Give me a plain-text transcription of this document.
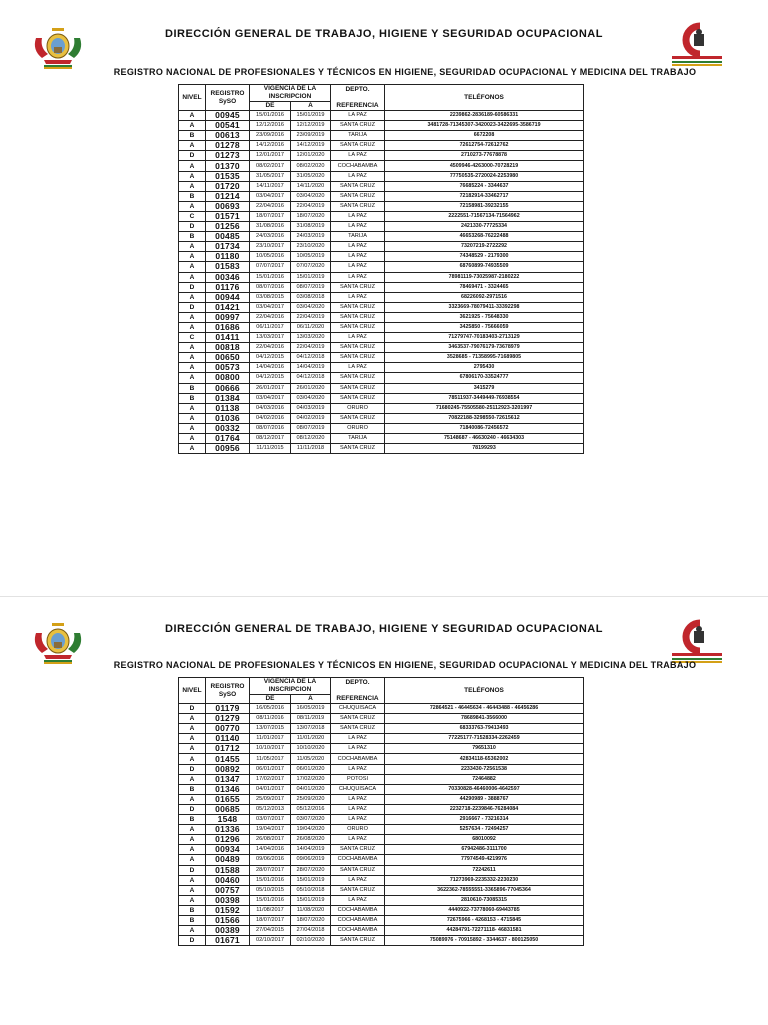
DIRECCIÓN GENERAL DE TRABAJO, HIGIENE Y SEGURIDAD OCUPACIONAL
REGISTRO NACIONAL DE PROFESIONALES Y TÉCNICOS EN HIGIENE, SEGURIDAD OCUPACIONAL Y MEDICINA DEL TRABAJO
NIVEL	REGISTRO
SySO	VIGENCIA DE LA INSCRIPCION		DEPTO.

REFERENCIA	TELÉFONOS
		DE	A		
A	00945	15/01/2016	15/01/2019	LA PAZ	2239862-2836189-60586331
A	00541	12/12/2016	12/12/2019	SANTA CRUZ	3481728-71345307-3420023-3422695-3586719
B	00613	23/09/2016	23/09/2019	TARIJA	6672208
A	01278	14/12/2016	14/12/2019	SANTA CRUZ	72612754-72612762
D	01273	12/01/2017	12/01/2020	LA PAZ	2710273-77678878
A	01370	08/02/2017	08/02/2020	COCHABAMBA	4509946-4263000-70728219
A	01535	31/05/2017	31/05/2020	LA PAZ	77750535-2720024-2253980
A	01720	14/11/2017	14/11/2020	SANTA CRUZ	76685224 - 3344637
B	01214	03/04/2017	03/04/2020	SANTA CRUZ	72182914-33462717
A	00693	22/04/2016	22/04/2019	SANTA CRUZ	72158981-39232155
C	01571	18/07/2017	18/07/2020	LA PAZ	2222551-71567134-71564962
D	01256	31/08/2016	31/08/2019	LA PAZ	2421330-77725334
B	00485	24/03/2016	24/03/2019	TARIJA	46653268-76222488
A	01734	23/10/2017	23/10/2020	LA PAZ	73207219-2722292
A	01180	10/05/2016	10/05/2019	LA PAZ	74348529 - 2179300
A	01583	07/07/2017	07/07/2020	LA PAZ	68760899-74935509
A	00346	15/01/2016	15/01/2019	LA PAZ	78981119-73025987-2180222
D	01176	08/07/2016	08/07/2019	SANTA CRUZ	78469471 - 3324465
A	00944	03/08/2015	03/08/2018	LA PAZ	68226092-2971516
D	01421	03/04/2017	03/04/2020	SANTA CRUZ	3323669-78079411-33392298
A	00997	22/04/2016	22/04/2019	SANTA CRUZ	3621925 - 75648330
A	01686	06/11/2017	06/11/2020	SANTA CRUZ	3425850 - 75666059
C	01411	13/03/2017	13/03/2020	LA PAZ	71279747-70183403-2713129
A	00818	22/04/2016	22/04/2019	SANTA CRUZ	3463537-79076179-73678979
A	00650	04/12/2015	04/12/2018	SANTA CRUZ	3528685 - 71358995-71689805
A	00573	14/04/2016	14/04/2019	LA PAZ	2795430
A	00800	04/12/2015	04/12/2018	SANTA CRUZ	67806170-33524777
B	00666	26/01/2017	26/01/2020	SANTA CRUZ	3415279
B	01384	03/04/2017	03/04/2020	SANTA CRUZ	78511937-3449449-76938554
A	01138	04/03/2016	04/03/2019	ORURO	71680245-75505580-25112923-3201997
A	01036	04/02/2016	04/02/2019	SANTA CRUZ	70822188-3298550-72615612
A	00332	08/07/2016	08/07/2019	ORURO	71840086-72456572
A	01764	08/12/2017	08/12/2020	TARIJA	75148687 - 46630240 - 46634303
A	00956	11/11/2015	11/11/2018	SANTA CRUZ	78199293
DIRECCIÓN GENERAL DE TRABAJO, HIGIENE Y SEGURIDAD OCUPACIONAL
REGISTRO NACIONAL DE PROFESIONALES Y TÉCNICOS EN HIGIENE, SEGURIDAD OCUPACIONAL Y MEDICINA DEL TRABAJO
NIVEL	REGISTRO
SySO	VIGENCIA DE LA INSCRIPCION		DEPTO.

REFERENCIA	TELÉFONOS
		DE	A		
D	01179	16/05/2016	16/05/2019	CHUQUISACA	72864521 - 46445634 - 46443488 - 46456286
A	01279	08/11/2016	08/11/2019	SANTA CRUZ	78689841-3566000
A	00770	13/07/2015	13/07/2018	SANTA CRUZ	68333763-79413493
A	01140	11/01/2017	11/01/2020	LA PAZ	77225177-71528334-2262459
A	01712	10/10/2017	10/10/2020	LA PAZ	79651310
A	01455	11/05/2017	11/05/2020	COCHABAMBA	42834118-65362002
D	00892	06/01/2017	06/01/2020	LA PAZ	2233430-72561538
A	01347	17/02/2017	17/02/2020	POTOSI	72464882
B	01346	04/01/2017	04/01/2020	CHUQUISACA	70330828-46460006-4642597
A	01655	25/09/2017	25/09/2020	LA PAZ	44290989 - 3888767
D	00685	05/12/2013	05/12/2016	LA PAZ	2232718-2239846-76284084
B	1548	03/07/2017	03/07/2020	LA PAZ	2916667 - 73216314
A	01336	19/04/2017	19/04/2020	ORURO	5257634 - 72494257
A	01296	26/08/2017	26/08/2020	LA PAZ	68010092
A	00934	14/04/2016	14/04/2019	SANTA CRUZ	67942486-3111700
A	00489	09/06/2016	09/06/2019	COCHABAMBA	77974549-4219976
D	01588	28/07/2017	28/07/2020	SANTA CRUZ	72242611
A	00460	15/01/2016	15/01/2019	LA PAZ	71273969-2235332-2230230
A	00757	05/10/2015	05/10/2018	SANTA CRUZ	3622362-78555551-3365896-77045364
A	00398	15/01/2016	15/01/2019	LA PAZ	2810610-73085315
B	01592	11/08/2017	11/08/2020	COCHABAMBA	4440922-73778060-69443785
B	01566	18/07/2017	18/07/2020	COCHABAMBA	72675966 - 4268153 - 4715845
A	00389	27/04/2015	27/04/2018	COCHABAMBA	44284791-72271118- 46831581
D	01671	02/10/2017	02/10/2020	SANTA CRUZ	75089976 - 70915892 - 3344637 - 800125050
